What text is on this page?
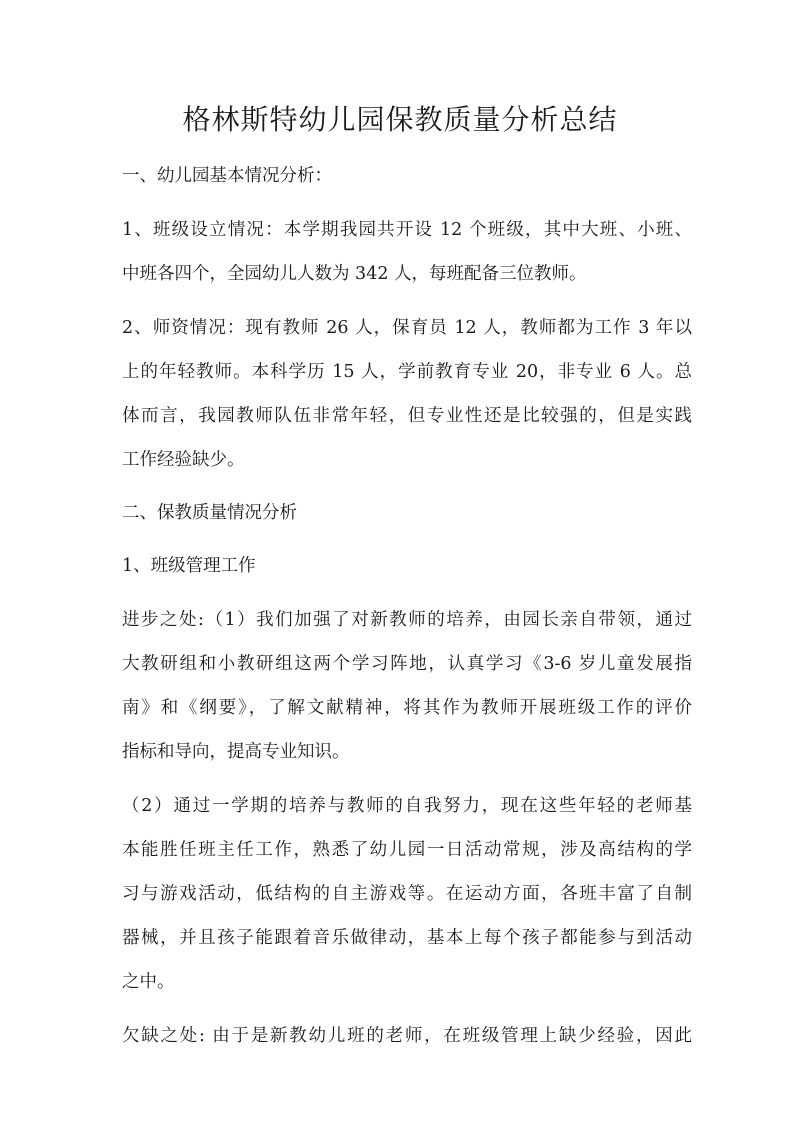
格林斯特幼儿园保教质量分析总结
一、幼儿园基本情况分析：
1、班级设立情况：本学期我园共开设 12 个班级，其中大班、小班、
中班各四个，全园幼儿人数为 342 人，每班配备三位教师。
2、师资情况：现有教师 26 人，保育员 12 人，教师都为工作 3 年以
上的年轻教师。本科学历 15 人，学前教育专业 20，非专业 6 人。总
体而言，我园教师队伍非常年轻，但专业性还是比较强的，但是实践
工作经验缺少。
二、保教质量情况分析
1、班级管理工作
进步之处:（1）我们加强了对新教师的培养，由园长亲自带领，通过
大教研组和小教研组这两个学习阵地，认真学习《3-6 岁儿童发展指
南》和《纲要》，了解文献精神，将其作为教师开展班级工作的评价
指标和导向，提高专业知识。
（2）通过一学期的培养与教师的自我努力，现在这些年轻的老师基
本能胜任班主任工作，熟悉了幼儿园一日活动常规，涉及高结构的学
习与游戏活动，低结构的自主游戏等。在运动方面，各班丰富了自制
器械，并且孩子能跟着音乐做律动，基本上每个孩子都能参与到活动
之中。
欠缺之处: 由于是新教幼儿班的老师，在班级管理上缺少经验，因此
